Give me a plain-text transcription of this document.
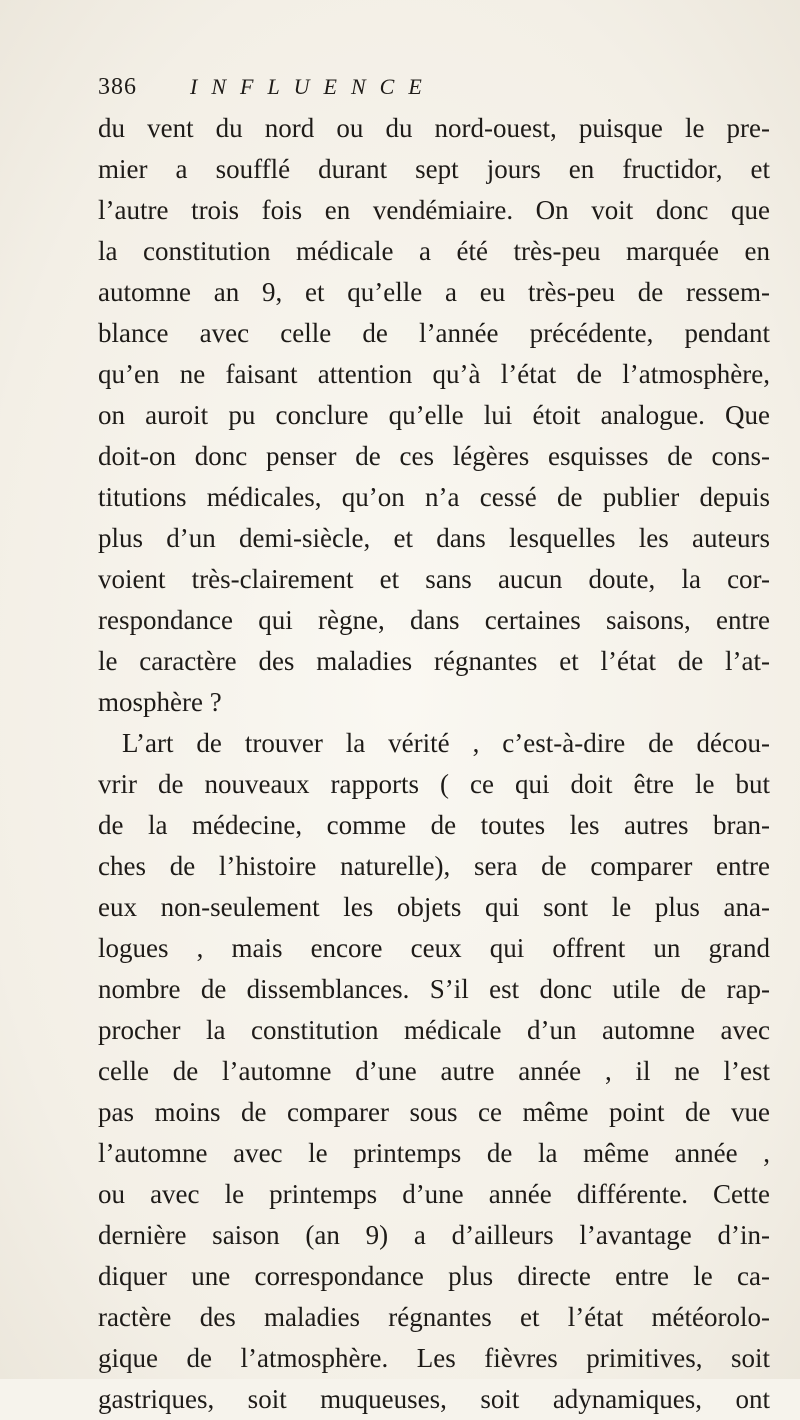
386 INFLUENCE
du vent du nord ou du nord-ouest, puisque le pre-
mier a soufflé durant sept jours en fructidor, et
l’autre trois fois en vendémiaire. On voit donc que
la constitution médicale a été très-peu marquée en
automne an 9, et qu’elle a eu très-peu de ressem-
blance avec celle de l’année précédente, pendant
qu’en ne faisant attention qu’à l’état de l’atmosphère,
on auroit pu conclure qu’elle lui étoit analogue. Que
doit-on donc penser de ces légères esquisses de cons-
titutions médicales, qu’on n’a cessé de publier depuis
plus d’un demi-siècle, et dans lesquelles les auteurs
voient très-clairement et sans aucun doute, la cor-
respondance qui règne, dans certaines saisons, entre
le caractère des maladies régnantes et l’état de l’at-
mosphère ?
L’art de trouver la vérité , c’est-à-dire de décou-
vrir de nouveaux rapports ( ce qui doit être le but
de la médecine, comme de toutes les autres bran-
ches de l’histoire naturelle), sera de comparer entre
eux non-seulement les objets qui sont le plus ana-
logues , mais encore ceux qui offrent un grand
nombre de dissemblances. S’il est donc utile de rap-
procher la constitution médicale d’un automne avec
celle de l’automne d’une autre année , il ne l’est
pas moins de comparer sous ce même point de vue
l’automne avec le printemps de la même année ,
ou avec le printemps d’une année différente. Cette
dernière saison (an 9) a d’ailleurs l’avantage d’in-
diquer une correspondance plus directe entre le ca-
ractère des maladies régnantes et l’état météorolo-
gique de l’atmosphère. Les fièvres primitives, soit
gastriques, soit muqueuses, soit adynamiques, ont
